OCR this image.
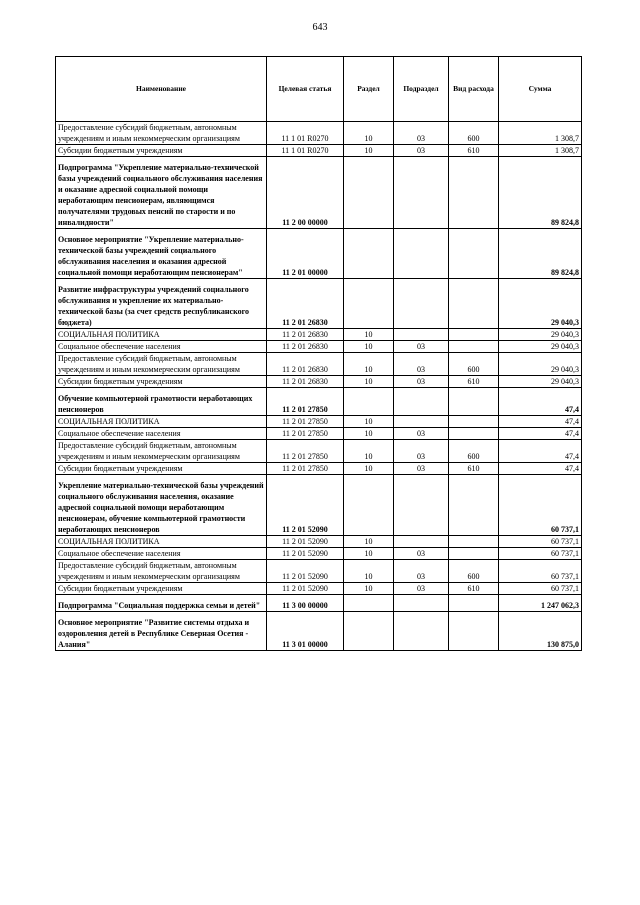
643
Наименование	Целевая статья	Раздел	Подраздел	Вид расхода	Сумма
Предоставление субсидий бюджетным, автономным учреждениям и иным некоммерческим организациям	11 1 01 R0270	10	03	600	1 308,7
Субсидии бюджетным учреждениям	11 1 01 R0270	10	03	610	1 308,7
Подпрограмма "Укрепление материально-технической базы учреждений социального обслуживания населения и оказание адресной социальной помощи неработающим пенсионерам, являющимся получателями трудовых пенсий по старости и по инвалидности"	11 2 00 00000				89 824,8
Основное мероприятие "Укрепление материально-технической базы учреждений социального обслуживания населения и оказания адресной социальной помощи неработающим пенсионерам"	11 2 01 00000				89 824,8
Развитие инфраструктуры учреждений социального обслуживания и укрепление их материально-технической базы (за счет средств республиканского бюджета)	11 2 01 26830				29 040,3
СОЦИАЛЬНАЯ ПОЛИТИКА	11 2 01 26830	10			29 040,3
Социальное обеспечение населения	11 2 01 26830	10	03		29 040,3
Предоставление субсидий бюджетным, автономным учреждениям и иным некоммерческим организациям	11 2 01 26830	10	03	600	29 040,3
Субсидии бюджетным учреждениям	11 2 01 26830	10	03	610	29 040,3
Обучение компьютерной грамотности неработающих пенсионеров	11 2 01 27850				47,4
СОЦИАЛЬНАЯ ПОЛИТИКА	11 2 01 27850	10			47,4
Социальное обеспечение населения	11 2 01 27850	10	03		47,4
Предоставление субсидий бюджетным, автономным учреждениям и иным некоммерческим организациям	11 2 01 27850	10	03	600	47,4
Субсидии бюджетным учреждениям	11 2 01 27850	10	03	610	47,4
Укрепление материально-технической базы учреждений социального обслуживания населения, оказание адресной социальной помощи неработающим пенсионерам, обучение компьютерной грамотности неработающих пенсионеров	11 2 01 52090				60 737,1
СОЦИАЛЬНАЯ ПОЛИТИКА	11 2 01 52090	10			60 737,1
Социальное обеспечение населения	11 2 01 52090	10	03		60 737,1
Предоставление субсидий бюджетным, автономным учреждениям и иным некоммерческим организациям	11 2 01 52090	10	03	600	60 737,1
Субсидии бюджетным учреждениям	11 2 01 52090	10	03	610	60 737,1
Подпрограмма "Социальная поддержка семьи и детей"	11 3 00 00000				1 247 062,3
Основное мероприятие "Развитие системы отдыха и оздоровления детей в Республике Северная Осетия - Алания"	11 3 01 00000				130 875,0
